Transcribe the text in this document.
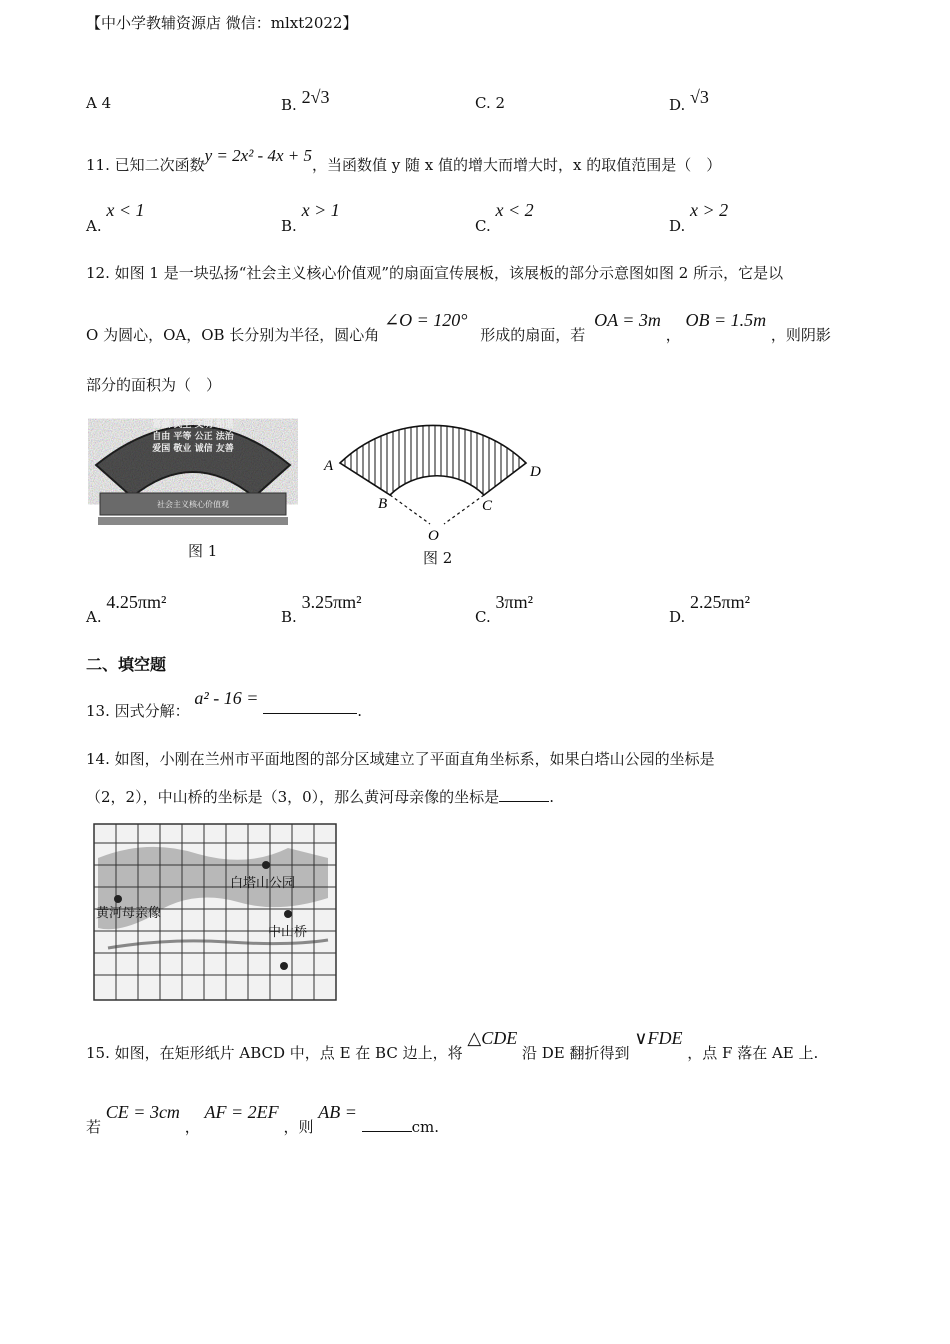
【中小学教辅资源店 微信：mlxt2022】
A 4	B. 2√3	C. 2	D. √3
11. 已知二次函数y = 2x² - 4x + 5，当函数值 y 随 x 值的增大而增大时，x 的取值范围是（　）
A. x < 1
B. x > 1
C. x < 2
D. x > 2
12. 如图 1 是一块弘扬“社会主义核心价值观”的扇面宣传展板，该展板的部分示意图如图 2 所示，它是以
O 为圆心，OA，OB 长分别为半径，圆心角 ∠O = 120° 形成的扇面，若 OA = 3m ， OB = 1.5m ，则阴影
部分的面积为（　）
富强 民主 文明 和谐
自由 平等 公正 法治
爱国 敬业 诚信 友善
社会主义核心价值观
图 1
A	D
B	C
O
图 2
A. 4.25πm²
B. 3.25πm²
C. 3πm²
D. 2.25πm²
二、填空题
13. 因式分解： a² - 16 = .
14. 如图，小刚在兰州市平面地图的部分区域建立了平面直角坐标系，如果白塔山公园的坐标是
（2，2），中山桥的坐标是（3，0），那么黄河母亲像的坐标是	.
白塔山公园
中山桥
黄河母亲像
15. 如图，在矩形纸片 ABCD 中，点 E 在 BC 边上，将 △CDE 沿 DE 翻折得到 ∨FDE ，点 F 落在 AE 上.
若 CE = 3cm ， AF = 2EF ，则 AB = cm.
